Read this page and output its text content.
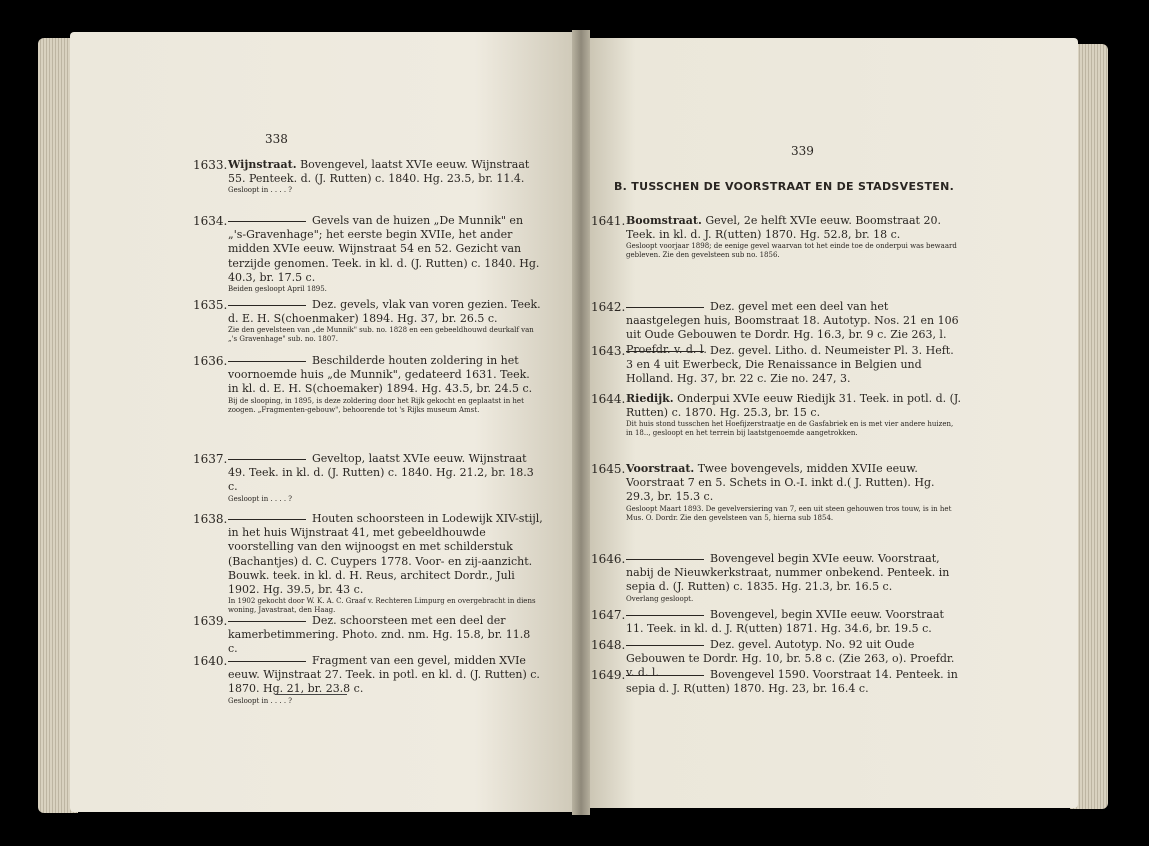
338
1633. Wijnstraat. Bovengevel, laatst XVIe eeuw. Wijnstraat 55. Penteek. d. (J. Rutten) c. 1840. Hg. 23.5, br. 11.4.
Gesloopt in . . . . ?
1634.	Gevels van de huizen „De Munnik" en „'s-Gravenhage"; het eerste begin XVIIe, het ander midden XVIe eeuw. Wijnstraat 54 en 52. Gezicht van terzijde genomen. Teek. in kl. d. (J. Rutten) c. 1840. Hg. 40.3, br. 17.5 c.
Beiden gesloopt April 1895.
1635.	Dez. gevels, vlak van voren gezien. Teek. d. E. H. S(choenmaker) 1894. Hg. 37, br. 26.5 c.
Zie den gevelsteen van „de Munnik" sub. no. 1828 en een gebeeldhouwd deurkalf van „'s Gravenhage" sub. no. 1807.
1636.	Beschilderde houten zoldering in het voornoemde huis „de Munnik", gedateerd 1631. Teek. in kl. d. E. H. S(choemaker) 1894. Hg. 43.5, br. 24.5 c.
Bij de slooping, in 1895, is deze zoldering door het Rijk gekocht en geplaatst in het zoogen. „Fragmenten-gebouw", behoorende tot 's Rijks museum Amst.
1637.	Geveltop, laatst XVIe eeuw. Wijnstraat 49. Teek. in kl. d. (J. Rutten) c. 1840. Hg. 21.2, br. 18.3 c.
Gesloopt in . . . . ?
1638.	Houten schoorsteen in Lodewijk XIV-stijl, in het huis Wijnstraat 41, met gebeeldhouwde voorstelling van den wijnoogst en met schilderstuk (Bachantjes) d. C. Cuypers 1778. Voor- en zij-aanzicht. Bouwk. teek. in kl. d. H. Reus, architect Dordr., Juli 1902. Hg. 39.5, br. 43 c.
In 1902 gekocht door W. K. A. C. Graaf v. Rechteren Limpurg en overgebracht in diens woning, Javastraat, den Haag.
1639.	Dez. schoorsteen met een deel der kamerbetimmering. Photo. znd. nm. Hg. 15.8, br. 11.8 c.
1640.	Fragment van een gevel, midden XVIe eeuw. Wijnstraat 27. Teek. in potl. en kl. d. (J. Rutten) c. 1870. Hg. 21, br. 23.8 c.
Gesloopt in . . . . ?
339
B. TUSSCHEN DE VOORSTRAAT EN DE STADSVESTEN.
1641. Boomstraat. Gevel, 2e helft XVIe eeuw. Boomstraat 20. Teek. in kl. d. J. R(utten) 1870. Hg. 52.8, br. 18 c.
Gesloopt voorjaar 1898; de eenige gevel waarvan tot het einde toe de onderpui was bewaard gebleven. Zie den gevelsteen sub no. 1856.
1642.	Dez. gevel met een deel van het naastgelegen huis, Boomstraat 18. Autotyp. Nos. 21 en 106 uit Oude Gebouwen te Dordr. Hg. 16.3, br. 9 c. Zie 263, l. Proefdr. v. d. l.
1643.	Dez. gevel. Litho. d. Neumeister Pl. 3. Heft. 3 en 4 uit Ewerbeck, Die Renaissance in Belgien und Holland. Hg. 37, br. 22 c. Zie no. 247, 3.
1644. Riedijk. Onderpui XVIe eeuw Riedijk 31. Teek. in potl. d. (J. Rutten) c. 1870. Hg. 25.3, br. 15 c.
Dit huis stond tusschen het Hoefijzerstraatje en de Gasfabriek en is met vier andere huizen, in 18.., gesloopt en het terrein bij laatstgenoemde aangetrokken.
1645. Voorstraat. Twee bovengevels, midden XVIIe eeuw. Voorstraat 7 en 5. Schets in O.-I. inkt d.( J. Rutten). Hg. 29.3, br. 15.3 c.
Gesloopt Maart 1893. De gevelversiering van 7, een uit steen gehouwen tros touw, is in het Mus. O. Dordr. Zie den gevelsteen van 5, hierna sub 1854.
1646.	Bovengevel begin XVIe eeuw. Voorstraat, nabij de Nieuwkerkstraat, nummer onbekend. Penteek. in sepia d. (J. Rutten) c. 1835. Hg. 21.3, br. 16.5 c.
Overlang gesloopt.
1647.	Bovengevel, begin XVIIe eeuw. Voorstraat 11. Teek. in kl. d. J. R(utten) 1871. Hg. 34.6, br. 19.5 c.
1648.	Dez. gevel. Autotyp. No. 92 uit Oude Gebouwen te Dordr. Hg. 10, br. 5.8 c. (Zie 263, o). Proefdr. v. d. l.
1649.	Bovengevel 1590. Voorstraat 14. Penteek. in sepia d. J. R(utten) 1870. Hg. 23, br. 16.4 c.
